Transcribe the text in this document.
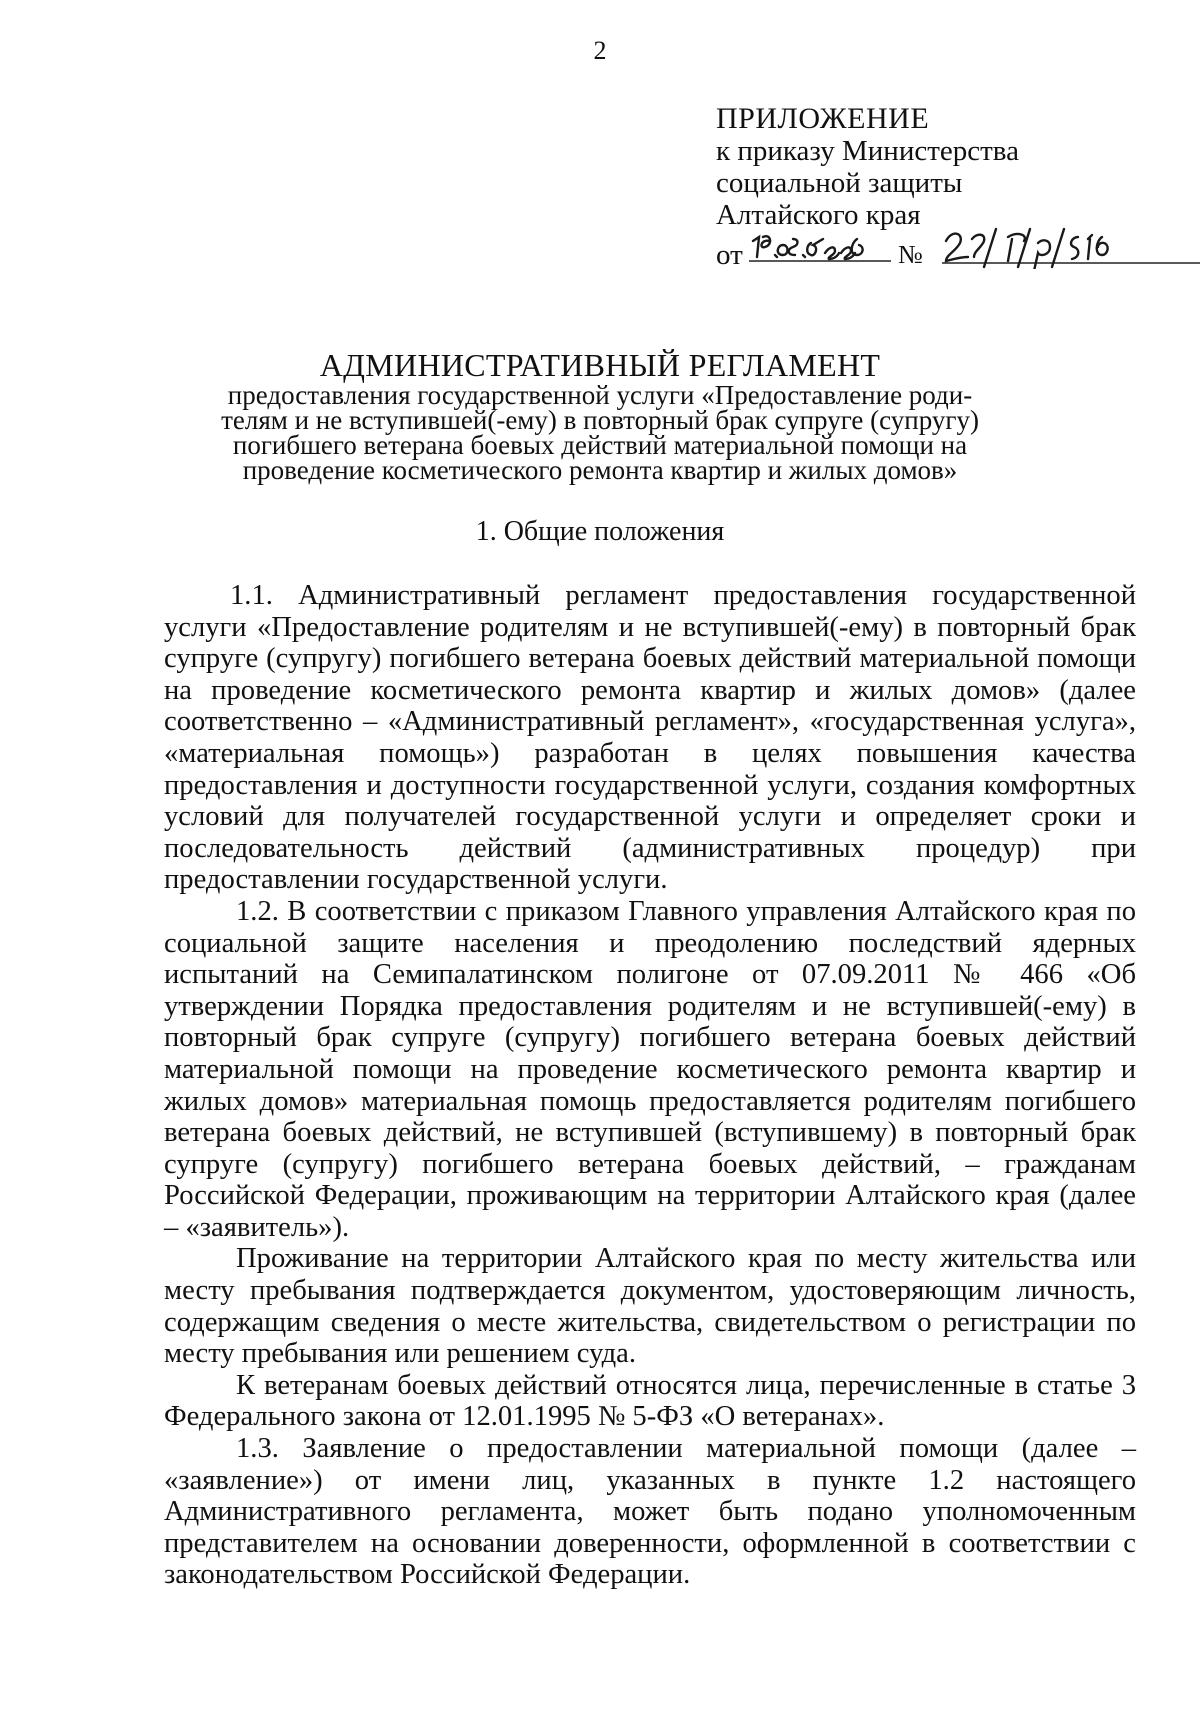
2
ПРИЛОЖЕНИЕ
к приказу Министерства
социальной защиты
Алтайского края
от	№
АДМИНИСТРАТИВНЫЙ РЕГЛАМЕНТ
предоставления государственной услуги «Предоставление роди-
телям и не вступившей(-ему) в повторный брак супруге (супругу)
погибшего ветерана боевых действий материальной помощи на
проведение косметического ремонта квартир и жилых домов»
1. Общие положения

1.1. Административный регламент предоставления государственной услуги «Предоставление родителям и не вступившей(-ему) в повторный брак супруге (супругу) погибшего ветерана боевых действий материальной помощи на проведение косметического ремонта квартир и жилых домов» (далее соответственно – «Административный регламент», «государственная услуга», «материальная помощь») разработан в целях повышения качества предоставления и доступности государственной услуги, создания комфортных условий для получателей государственной услуги и определяет сроки и последовательность действий (административных процедур) при предоставлении государственной услуги.

1.2. В соответствии с приказом Главного управления Алтайского края по социальной защите населения и преодолению последствий ядерных испытаний на Семипалатинском полигоне от 07.09.2011 № 466 «Об утверждении Порядка предоставления родителям и не вступившей(-ему) в повторный брак супруге (супругу) погибшего ветерана боевых действий материальной помощи на проведение косметического ремонта квартир и жилых домов» материальная помощь предоставляется родителям погибшего ветерана боевых действий, не вступившей (вступившему) в повторный брак супруге (супругу) погибшего ветерана боевых действий, – гражданам Российской Федерации, проживающим на территории Алтайского края (далее – «заявитель»).

Проживание на территории Алтайского края по месту жительства или месту пребывания подтверждается документом, удостоверяющим личность, содержащим сведения о месте жительства, свидетельством о регистрации по месту пребывания или решением суда.

К ветеранам боевых действий относятся лица, перечисленные в статье 3 Федерального закона от 12.01.1995 № 5-ФЗ «О ветеранах».

1.3. Заявление о предоставлении материальной помощи (далее – «заявление») от имени лиц, указанных в пункте 1.2 настоящего Административного регламента, может быть подано уполномоченным представителем на основании доверенности, оформленной в соответствии с законодательством Российской Федерации.
